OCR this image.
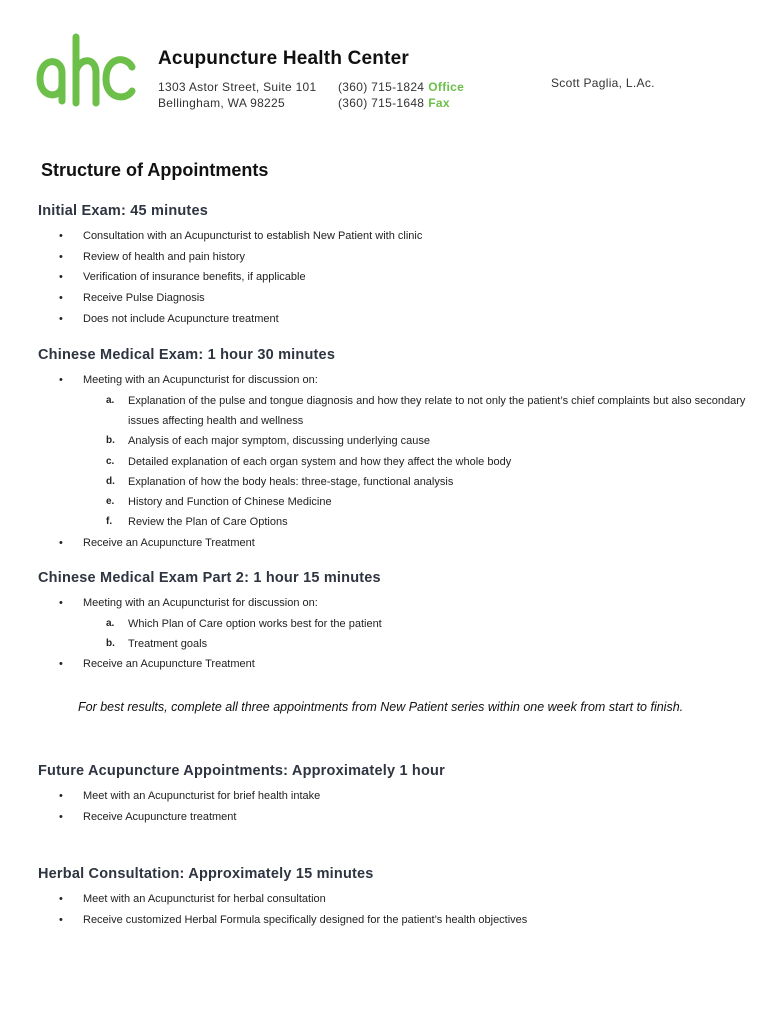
Acupuncture Health Center
1303 Astor Street, Suite 101
Bellingham, WA 98225
(360) 715-1824 Office
(360) 715-1648 Fax
Scott Paglia, L.Ac.
Structure of Appointments
Initial Exam: 45 minutes
• Consultation with an Acupuncturist to establish New Patient with clinic
• Review of health and pain history
• Verification of insurance benefits, if applicable
• Receive Pulse Diagnosis
• Does not include Acupuncture treatment
Chinese Medical Exam: 1 hour 30 minutes
• Meeting with an Acupuncturist for discussion on:
a. Explanation of the pulse and tongue diagnosis and how they relate to not only the patient’s chief complaints but also secondary issues affecting health and wellness
b. Analysis of each major symptom, discussing underlying cause
c. Detailed explanation of each organ system and how they affect the whole body
d. Explanation of how the body heals: three-stage, functional analysis
e. History and Function of Chinese Medicine
f. Review the Plan of Care Options
• Receive an Acupuncture Treatment
Chinese Medical Exam Part 2: 1 hour 15 minutes
• Meeting with an Acupuncturist for discussion on:
a. Which Plan of Care option works best for the patient
b. Treatment goals
• Receive an Acupuncture Treatment
For best results, complete all three appointments from New Patient series within one week from start to finish.
Future Acupuncture Appointments: Approximately 1 hour
• Meet with an Acupuncturist for brief health intake
• Receive Acupuncture treatment
Herbal Consultation: Approximately 15 minutes
• Meet with an Acupuncturist for herbal consultation
• Receive customized Herbal Formula specifically designed for the patient’s health objectives
